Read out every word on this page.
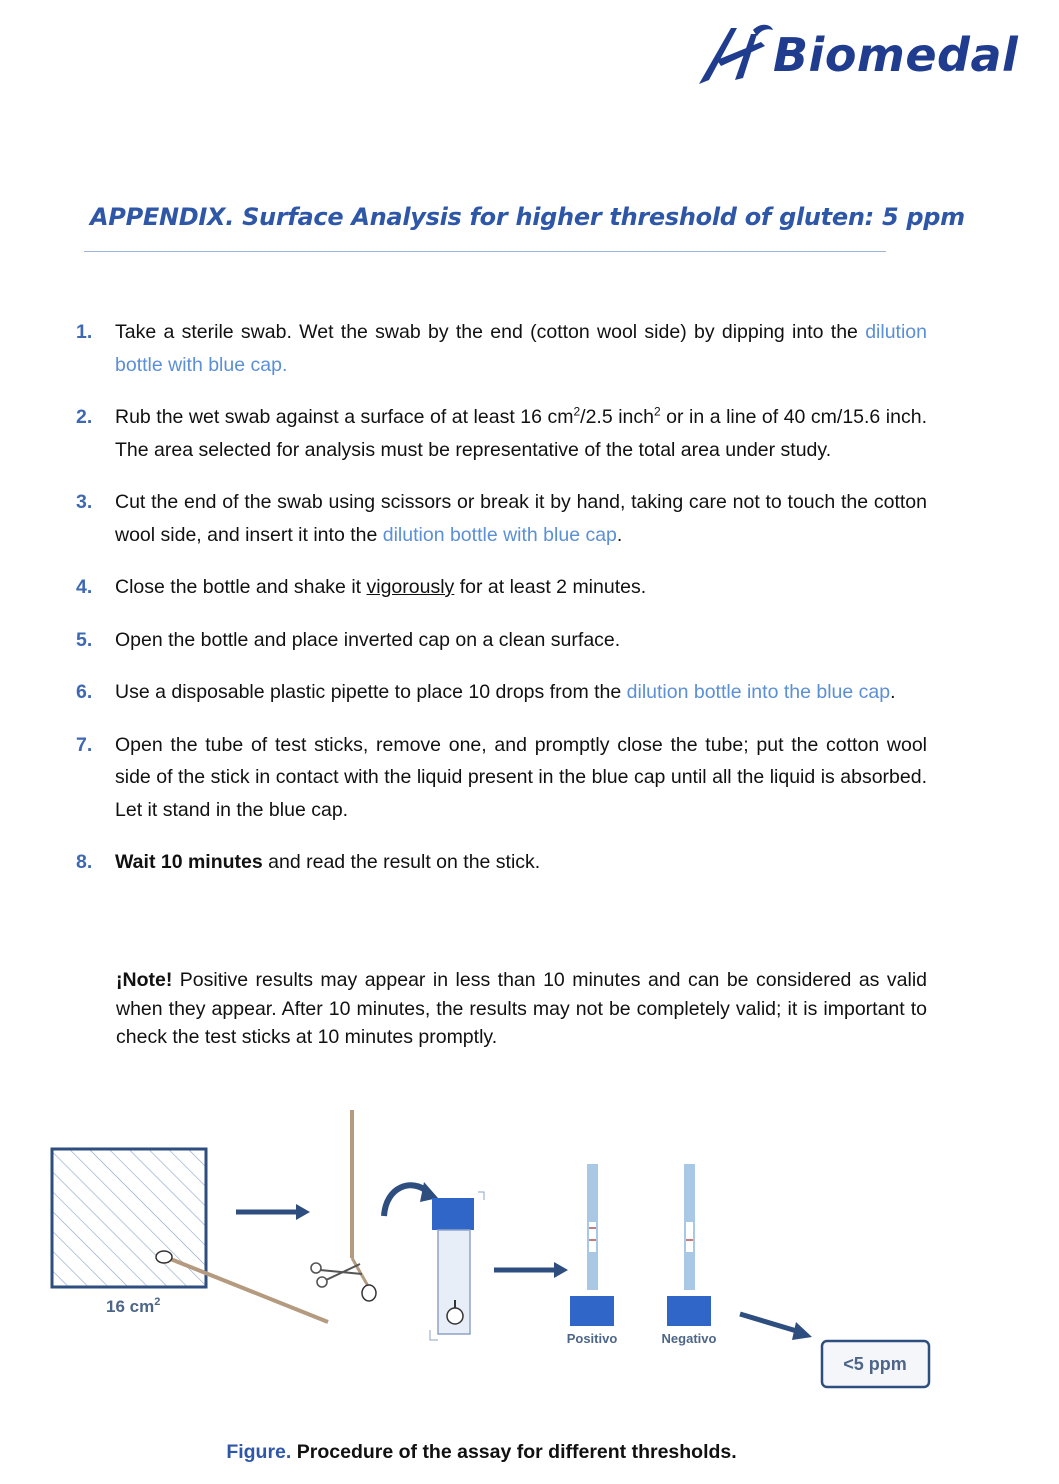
Biomedal
APPENDIX. Surface Analysis for higher threshold of gluten: 5 ppm
1.	Take a sterile swab. Wet the swab by the end (cotton wool side) by dipping into the dilution bottle with blue cap.
2.	Rub the wet swab against a surface of at least 16 $cm^2/2.5$ inch$^2$ or in a line of 40 cm/15.6 inch. The area selected for analysis must be representative of the total area under study.
3.	Cut the end of the swab using scissors or break it by hand, taking care not to touch the cotton wool side, and insert it into the dilution bottle with blue cap.
4.	Close the bottle and shake it vigorously for at least 2 minutes.
5.	Open the bottle and place inverted cap on a clean surface.
6.	Use a disposable plastic pipette to place 10 drops from the dilution bottle into the blue cap.
7.	Open the tube of test sticks, remove one, and promptly close the tube; put the cotton wool side of the stick in contact with the liquid present in the blue cap until all the liquid is absorbed. Let it stand in the blue cap.
8.	Wait 10 minutes and read the result on the stick.

¡Note! Positive results may appear in less than 10 minutes and can be considered as valid when they appear. After 10 minutes, the results may not be completely valid; it is important to check the test sticks at 10 minutes promptly.

16 $cm^2$
Positivo	Negativo
<5 ppm

Figure. Procedure of the assay for different thresholds.
